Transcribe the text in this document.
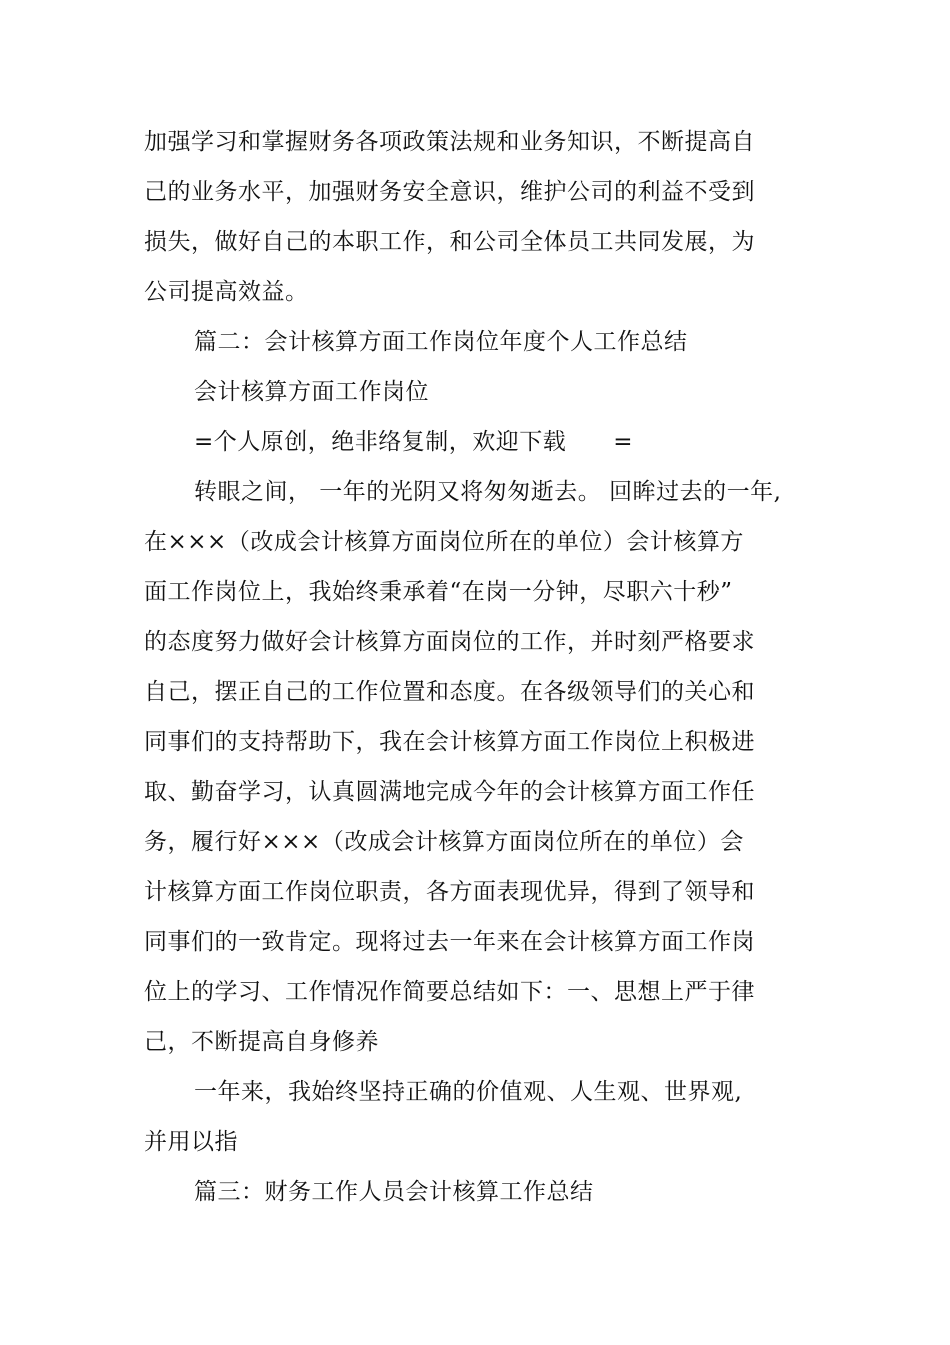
加强学习和掌握财务各项政策法规和业务知识，不断提高自
己的业务水平，加强财务安全意识，维护公司的利益不受到
损失，做好自己的本职工作，和公司全体员工共同发展，为
公司提高效益。
篇二：会计核算方面工作岗位年度个人工作总结
会计核算方面工作岗位
=个人原创，绝非络复制，欢迎下载　　=
转眼之间， 一年的光阴又将匆匆逝去。 回眸过去的一年,
在×××（改成会计核算方面岗位所在的单位）会计核算方
面工作岗位上，我始终秉承着“在岗一分钟，尽职六十秒”
的态度努力做好会计核算方面岗位的工作，并时刻严格要求
自己，摆正自己的工作位置和态度。在各级领导们的关心和
同事们的支持帮助下，我在会计核算方面工作岗位上积极进
取、勤奋学习，认真圆满地完成今年的会计核算方面工作任
务，履行好×××（改成会计核算方面岗位所在的单位）会
计核算方面工作岗位职责，各方面表现优异，得到了领导和
同事们的一致肯定。现将过去一年来在会计核算方面工作岗
位上的学习、工作情况作简要总结如下：一、思想上严于律
己，不断提高自身修养
一年来，我始终坚持正确的价值观、人生观、世界观,
并用以指
篇三：财务工作人员会计核算工作总结
